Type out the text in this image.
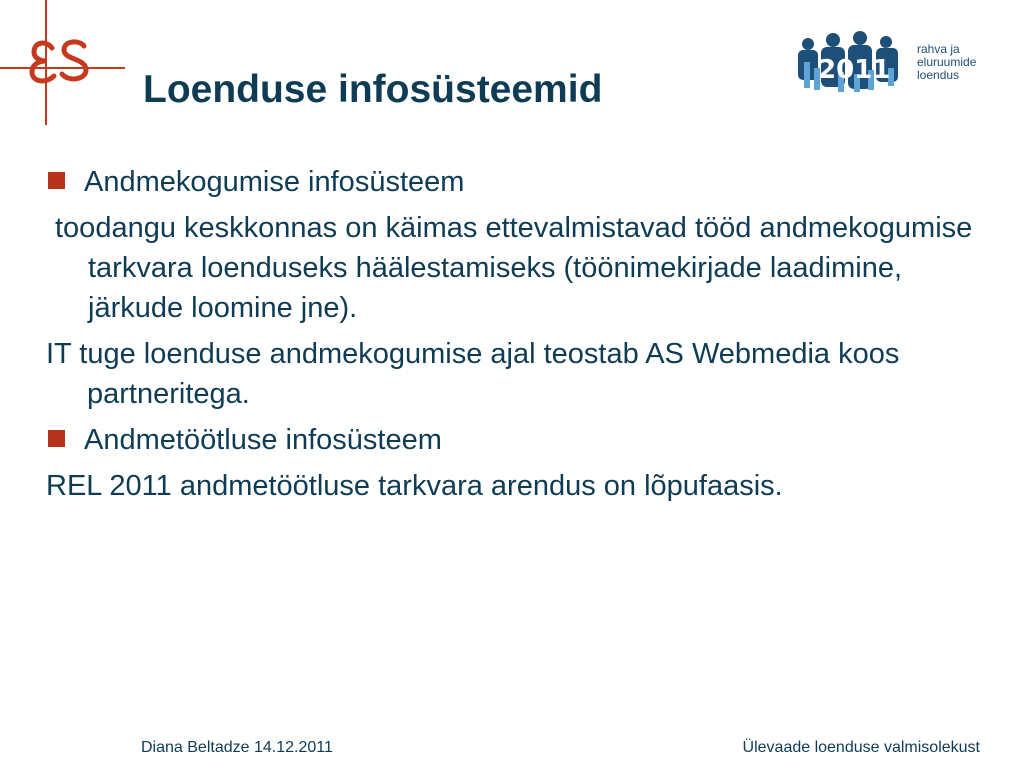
Loenduse infosüsteemid	2011
rahva ja
eluruumide
loendus
Andmekogumise infosüsteem
toodangu keskkonnas on käimas ettevalmistavad tööd andmekogumise tarkvara loenduseks häälestamiseks (töönimekirjade laadimine, järkude loomine jne).
IT tuge loenduse andmekogumise ajal teostab AS Webmedia koos partneritega.
Andmetöötluse infosüsteem
REL 2011 andmetöötluse tarkvara arendus on lõpufaasis.
Diana Beltadze 14.12.2011	Ülevaade loenduse valmisolekust
